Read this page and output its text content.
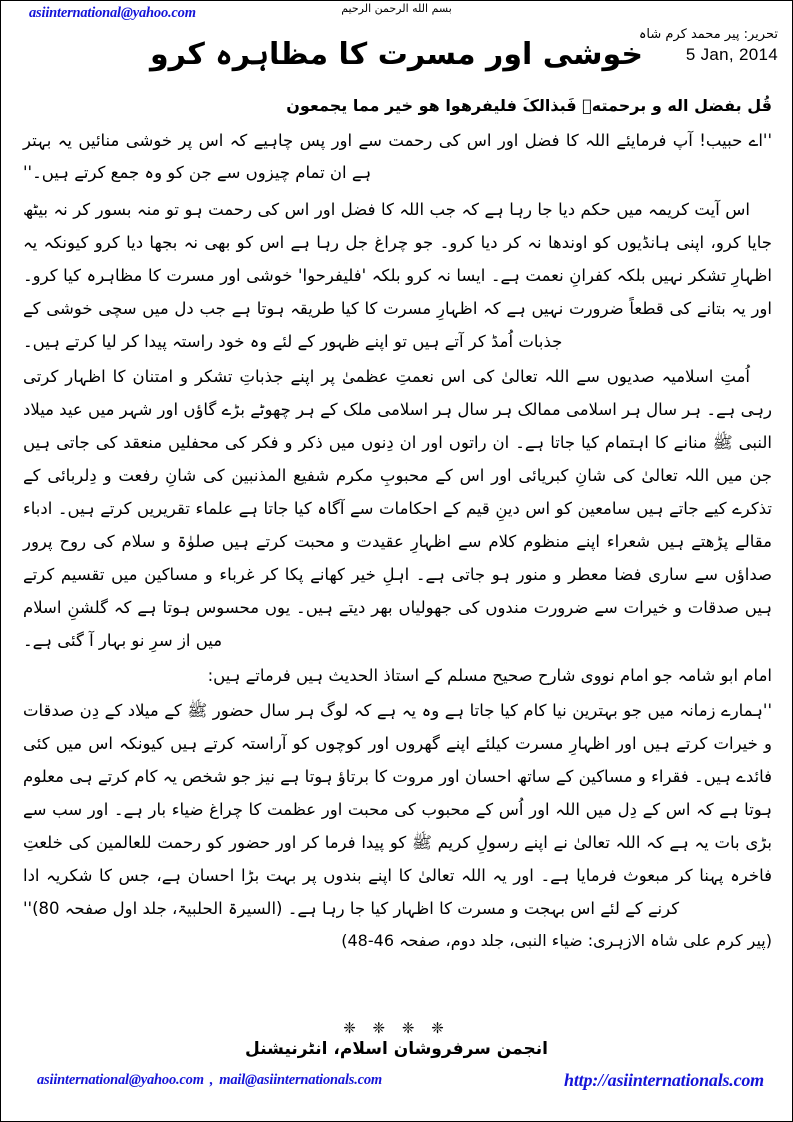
asiinternational@yahoo.com	بسم الله الرحمن الرحيم
تحریر: پیر محمد کرم شاہ
5 Jan, 2014
خوشی اور مسرت کا مظاہرہ کرو
قُل بفضل اله و برحمتهٖ فَبذالکَ فلیفرهوا هو خیر مما یجمعون
''اے حبیب! آپ فرمایئے اللہ کا فضل اور اس کی رحمت سے اور پس چاہیے کہ اس پر خوشی منائیں یہ بہتر ہے ان تمام چیزوں سے جن کو وہ جمع کرتے ہیں۔''

اس آیت کریمہ میں حکم دیا جا رہا ہے کہ جب اللہ کا فضل اور اس کی رحمت ہو تو منہ بسور کر نہ بیٹھ جایا کرو، اپنی ہانڈیوں کو اوندھا نہ کر دیا کرو۔ جو چراغ جل رہا ہے اس کو بھی نہ بجھا دیا کرو کیونکہ یہ اظہارِ تشکر نہیں بلکہ کفرانِ نعمت ہے۔ ایسا نہ کرو بلکہ 'فلیفرحوا' خوشی اور مسرت کا مظاہرہ کیا کرو۔ اور یہ بتانے کی قطعاً ضرورت نہیں ہے کہ اظہارِ مسرت کا کیا طریقہ ہوتا ہے جب دل میں سچی خوشی کے جذبات اُمڈ کر آتے ہیں تو اپنے ظہور کے لئے وہ خود راستہ پیدا کر لیا کرتے ہیں۔

اُمتِ اسلامیہ صدیوں سے اللہ تعالیٰ کی اس نعمتِ عظمیٰ پر اپنے جذباتِ تشکر و امتنان کا اظہار کرتی رہی ہے۔ ہر سال ہر اسلامی ممالک ہر سال ہر اسلامی ملک کے ہر چھوٹے بڑے گاؤں اور شہر میں عید میلاد النبی ﷺ منانے کا اہتمام کیا جاتا ہے۔ ان راتوں اور ان دِنوں میں ذکر و فکر کی محفلیں منعقد کی جاتی ہیں جن میں اللہ تعالیٰ کی شانِ کبریائی اور اس کے محبوبِ مکرم شفیع المذنبین کی شانِ رفعت و دِلربائی کے تذکرے کیے جاتے ہیں سامعین کو اس دینِ قیم کے احکامات سے آگاہ کیا جاتا ہے علماء تقریریں کرتے ہیں۔ ادباء مقالے پڑھتے ہیں شعراء اپنے منظوم کلام سے اظہارِ عقیدت و محبت کرتے ہیں صلوٰۃ و سلام کی روح پرور صداؤں سے ساری فضا معطر و منور ہو جاتی ہے۔ اہلِ خیر کھانے پکا کر غرباء و مساکین میں تقسیم کرتے ہیں صدقات و خیرات سے ضرورت مندوں کی جھولیاں بھر دیتے ہیں۔ یوں محسوس ہوتا ہے کہ گلشنِ اسلام میں از سرِ نو بہار آ گئی ہے۔

امام ابو شامہ جو امام نووی شارح صحیح مسلم کے استاذ الحدیث ہیں فرماتے ہیں:

''ہمارے زمانہ میں جو بہترین نیا کام کیا جاتا ہے وہ یہ ہے کہ لوگ ہر سال حضور ﷺ کے میلاد کے دِن صدقات و خیرات کرتے ہیں اور اظہارِ مسرت کیلئے اپنے گھروں اور کوچوں کو آراستہ کرتے ہیں کیونکہ اس میں کئی فائدے ہیں۔ فقراء و مساکین کے ساتھ احسان اور مروت کا برتاؤ ہوتا ہے نیز جو شخص یہ کام کرتے ہی معلوم ہوتا ہے کہ اس کے دِل میں اللہ اور اُس کے محبوب کی محبت اور عظمت کا چراغ ضیاء بار ہے۔ اور سب سے بڑی بات یہ ہے کہ اللہ تعالیٰ نے اپنے رسولِ کریم ﷺ کو پیدا فرما کر اور حضور کو رحمت للعالمین کی خلعتِ فاخرہ پہنا کر مبعوث فرمایا ہے۔ اور یہ اللہ تعالیٰ کا اپنے بندوں پر بہت بڑا احسان ہے، جس کا شکریہ ادا کرنے کے لئے اس بہجت و مسرت کا اظہار کیا جا رہا ہے۔ (السیرۃ الحلبیۃ، جلد اول صفحہ 80)''

(پیر کرم علی شاہ الازہری: ضیاء النبی، جلد دوم، صفحہ 46-48)

❈ ❈ ❈ ❈
انجمن سرفروشان اسلام، انٹرنیشنل
asiinternational@yahoo.com , mail@asiinternationals.com	http://asiinternationals.com
